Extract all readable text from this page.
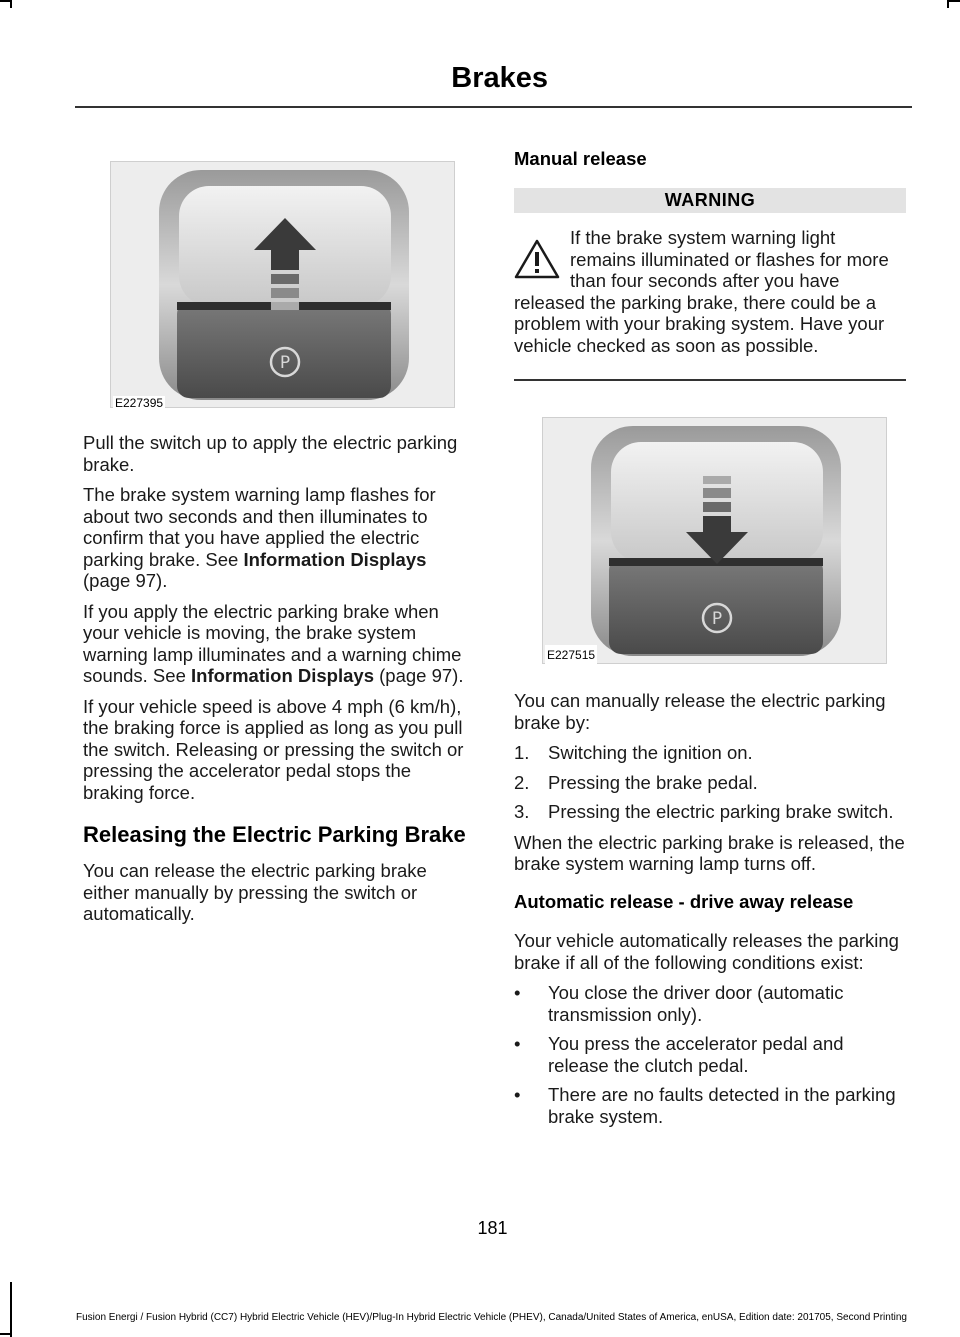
Brakes
P
E227395

Pull the switch up to apply the electric parking brake.

The brake system warning lamp flashes for about two seconds and then illuminates to confirm that you have applied the electric parking brake. See Information Displays (page 97).

If you apply the electric parking brake when your vehicle is moving, the brake system warning lamp illuminates and a warning chime sounds. See Information Displays (page 97).

If your vehicle speed is above 4 mph (6 km/h), the braking force is applied as long as you pull the switch. Releasing or pressing the switch or pressing the accelerator pedal stops the braking force.

Releasing the Electric Parking Brake

You can release the electric parking brake either manually by pressing the switch or automatically.

Manual release
WARNING

If the brake system warning light remains illuminated or flashes for more than four seconds after you have released the parking brake, there could be a problem with your braking system. Have your vehicle checked as soon as possible.

P
E227515

You can manually release the electric parking brake by:

1. Switching the ignition on.
2. Pressing the brake pedal.
3. Pressing the electric parking brake switch.

When the electric parking brake is released, the brake system warning lamp turns off.

Automatic release - drive away release

Your vehicle automatically releases the parking brake if all of the following conditions exist:

• You close the driver door (automatic transmission only).
• You press the accelerator pedal and release the clutch pedal.
• There are no faults detected in the parking brake system.
181
Fusion Energi / Fusion Hybrid (CC7) Hybrid Electric Vehicle (HEV)/Plug-In Hybrid Electric Vehicle (PHEV), Canada/United States of America, enUSA, Edition date: 201705, Second Printing
